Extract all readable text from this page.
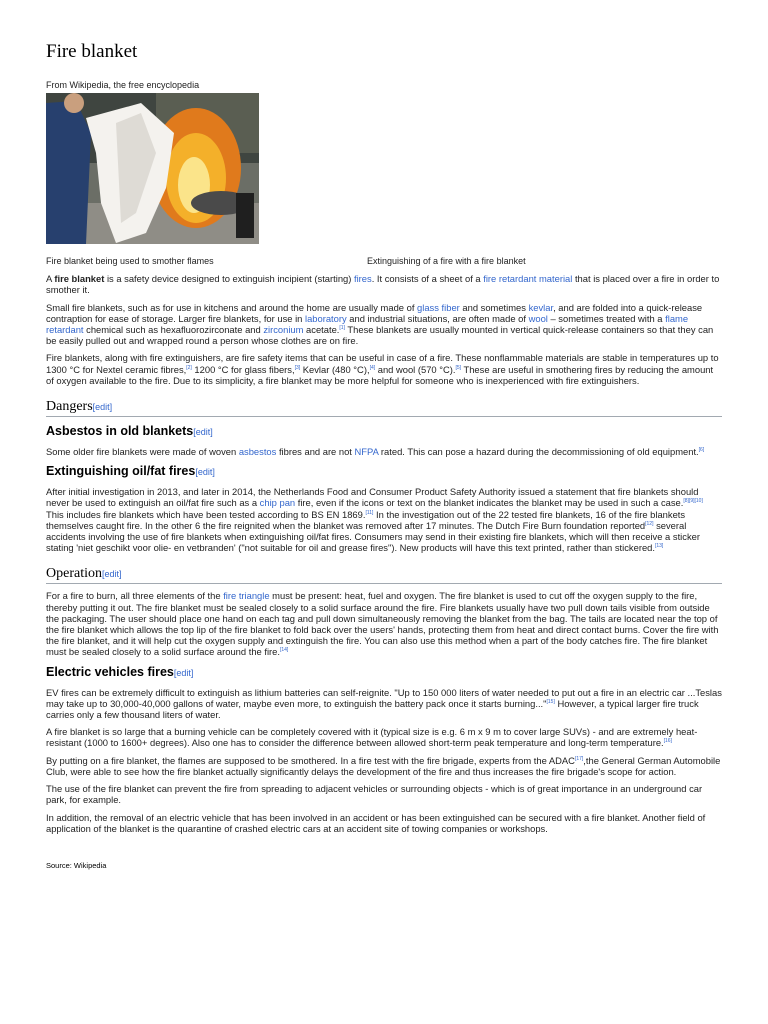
Fire blanket
From Wikipedia, the free encyclopedia
Fire blanket being used to smother flames	Extinguishing of a fire with a fire blanket

A fire blanket is a safety device designed to extinguish incipient (starting) fires. It consists of a sheet of a fire retardant material that is placed over a fire in order to smother it.

Small fire blankets, such as for use in kitchens and around the home are usually made of glass fiber and sometimes kevlar, and are folded into a quick-release contraption for ease of storage. Larger fire blankets, for use in laboratory and industrial situations, are often made of wool – sometimes treated with a flame retardant chemical such as hexafluorozirconate and zirconium acetate.[1] These blankets are usually mounted in vertical quick-release containers so that they can be easily pulled out and wrapped round a person whose clothes are on fire.

Fire blankets, along with fire extinguishers, are fire safety items that can be useful in case of a fire. These nonflammable materials are stable in temperatures up to 1300 °C for Nextel ceramic fibres,[2] 1200 °C for glass fibers,[3] Kevlar (480 °C),[4] and wool (570 °C).[5] These are useful in smothering fires by reducing the amount of oxygen available to the fire. Due to its simplicity, a fire blanket may be more helpful for someone who is inexperienced with fire extinguishers.

Dangers[edit]
Asbestos in old blankets[edit]

Some older fire blankets were made of woven asbestos fibres and are not NFPA rated. This can pose a hazard during the decommissioning of old equipment.[6]

Extinguishing oil/fat fires[edit]

After initial investigation in 2013, and later in 2014, the Netherlands Food and Consumer Product Safety Authority issued a statement that fire blankets should never be used to extinguish an oil/fat fire such as a chip pan fire, even if the icons or text on the blanket indicates the blanket may be used in such a case.[8][9][10] This includes fire blankets which have been tested according to BS EN 1869.[11] In the investigation out of the 22 tested fire blankets, 16 of the fire blankets themselves caught fire. In the other 6 the fire reignited when the blanket was removed after 17 minutes. The Dutch Fire Burn foundation reported[12] several accidents involving the use of fire blankets when extinguishing oil/fat fires. Consumers may send in their existing fire blankets, which will then receive a sticker stating 'niet geschikt voor olie- en vetbranden' ("not suitable for oil and grease fires"). New products will have this text printed, rather than stickered.[13]

Operation[edit]

For a fire to burn, all three elements of the fire triangle must be present: heat, fuel and oxygen. The fire blanket is used to cut off the oxygen supply to the fire, thereby putting it out. The fire blanket must be sealed closely to a solid surface around the fire. Fire blankets usually have two pull down tails visible from outside the packaging. The user should place one hand on each tag and pull down simultaneously removing the blanket from the bag. The tails are located near the top of the fire blanket which allows the top lip of the fire blanket to fold back over the users' hands, protecting them from heat and direct contact burns. Cover the fire with the fire blanket, and it will help cut the oxygen supply and extinguish the fire. You can also use this method when a part of the body catches fire. The fire blanket must be sealed closely to a solid surface around the fire.[14]

Electric vehicles fires[edit]

EV fires can be extremely difficult to extinguish as lithium batteries can self-reignite. "Up to 150 000 liters of water needed to put out a fire in an electric car ...Teslas may take up to 30,000-40,000 gallons of water, maybe even more, to extinguish the battery pack once it starts burning..."[15] However, a typical larger fire truck carries only a few thousand liters of water.

A fire blanket is so large that a burning vehicle can be completely covered with it (typical size is e.g. 6 m x 9 m to cover large SUVs) - and are extremely heat-resistant (1000 to 1600+ degrees). Also one has to consider the difference between allowed short-term peak temperature and long-term temperature.[16]

By putting on a fire blanket, the flames are supposed to be smothered. In a fire test with the fire brigade, experts from the ADAC[17],the General German Automobile Club, were able to see how the fire blanket actually significantly delays the development of the fire and thus increases the fire brigade's scope for action.

The use of the fire blanket can prevent the fire from spreading to adjacent vehicles or surrounding objects - which is of great importance in an underground car park, for example.

In addition, the removal of an electric vehicle that has been involved in an accident or has been extinguished can be secured with a fire blanket. Another field of application of the blanket is the quarantine of crashed electric cars at an accident site of towing companies or workshops.

Source: Wikipedia
